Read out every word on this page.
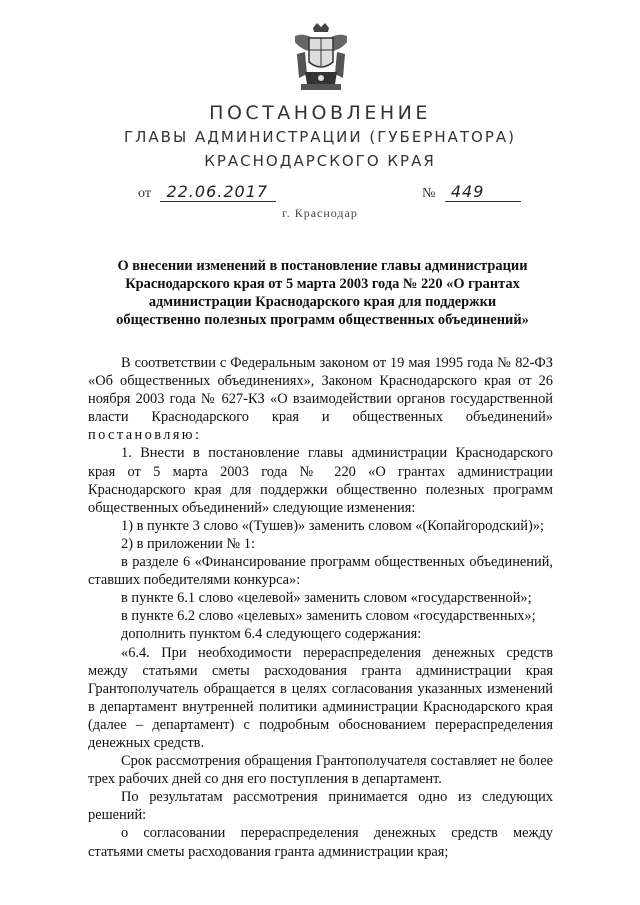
ПОСТАНОВЛЕНИЕ
ГЛАВЫ АДМИНИСТРАЦИИ (ГУБЕРНАТОРА)
КРАСНОДАРСКОГО КРАЯ
от 22.06.2017	№ 449
г. Краснодар
О внесении изменений в постановление главы администрации Краснодарского края от 5 марта 2003 года № 220 «О грантах администрации Краснодарского края для поддержки общественно полезных программ общественных объединений»

В соответствии с Федеральным законом от 19 мая 1995 года № 82-ФЗ «Об общественных объединениях», Законом Краснодарского края от 26 ноября 2003 года № 627-КЗ «О взаимодействии органов государственной власти Краснодарского края и общественных объединений» постановляю:

1. Внести в постановление главы администрации Краснодарского края от 5 марта 2003 года № 220 «О грантах администрации Краснодарского края для поддержки общественно полезных программ общественных объединений» следующие изменения:

1) в пункте 3 слово «(Тушев)» заменить словом «(Копайгородский)»;

2) в приложении № 1:

в разделе 6 «Финансирование программ общественных объединений, ставших победителями конкурса»:

в пункте 6.1 слово «целевой» заменить словом «государственной»;

в пункте 6.2 слово «целевых» заменить словом «государственных»;

дополнить пунктом 6.4 следующего содержания:

«6.4. При необходимости перераспределения денежных средств между статьями сметы расходования гранта администрации края Грантополучатель обращается в целях согласования указанных изменений в департамент внутренней политики администрации Краснодарского края (далее – департамент) с подробным обоснованием перераспределения денежных средств.

Срок рассмотрения обращения Грантополучателя составляет не более трех рабочих дней со дня его поступления в департамент.

По результатам рассмотрения принимается одно из следующих решений:

о согласовании перераспределения денежных средств между статьями сметы расходования гранта администрации края;
